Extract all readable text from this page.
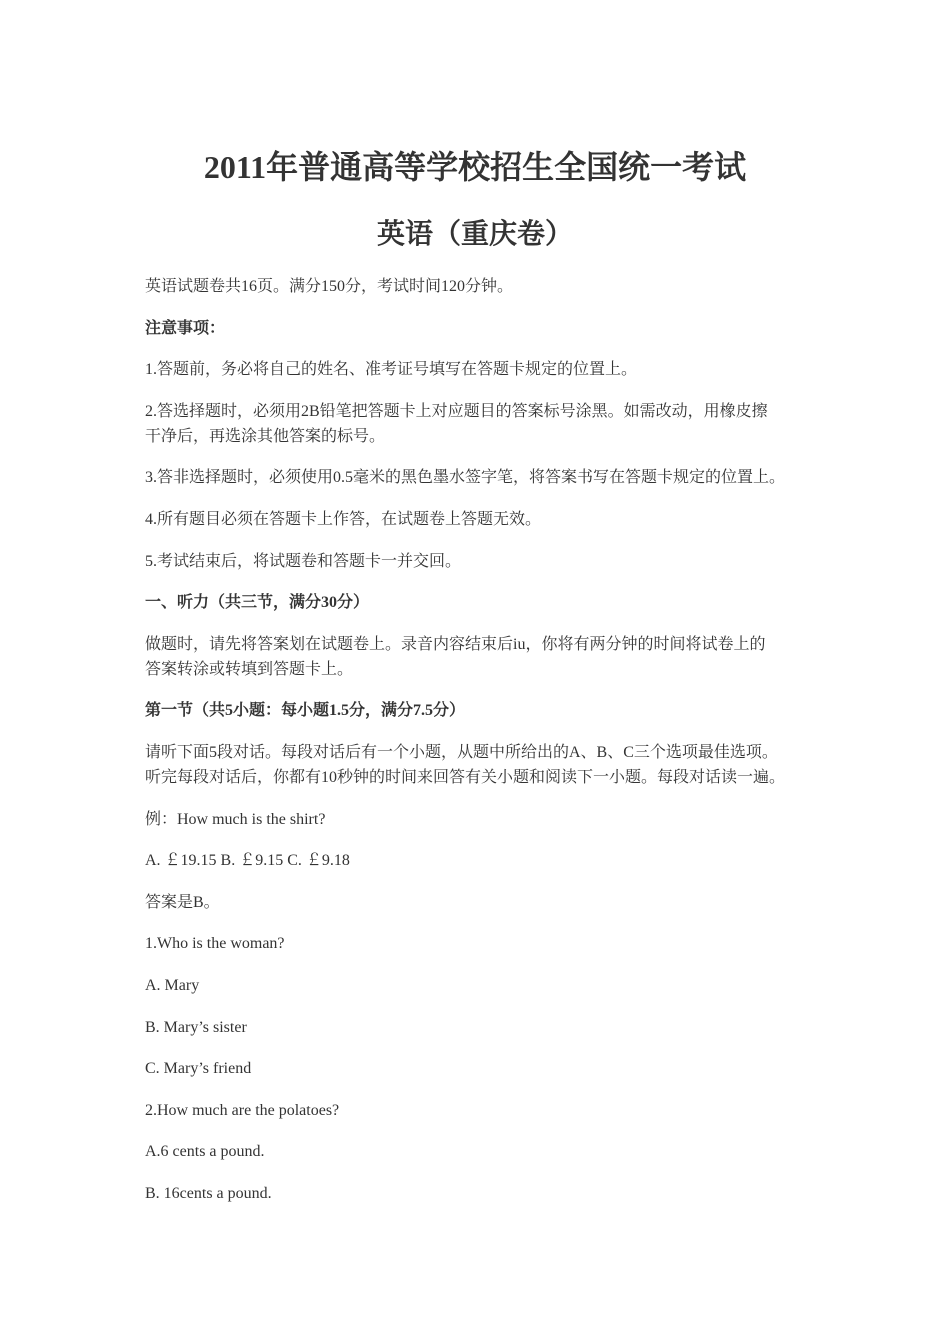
2011年普通高等学校招生全国统一考试
英语（重庆卷）

英语试题卷共16页。满分150分，考试时间120分钟。

注意事项：

1.答题前，务必将自己的姓名、准考证号填写在答题卡规定的位置上。

2.答选择题时，必须用2B铅笔把答题卡上对应题目的答案标号涂黑。如需改动，用橡皮擦
干净后，再选涂其他答案的标号。

3.答非选择题时，必须使用0.5毫米的黑色墨水签字笔，将答案书写在答题卡规定的位置上。

4.所有题目必须在答题卡上作答，在试题卷上答题无效。

5.考试结束后，将试题卷和答题卡一并交回。

一、听力（共三节，满分30分）

做题时，请先将答案划在试题卷上。录音内容结束后iu，你将有两分钟的时间将试卷上的
答案转涂或转填到答题卡上。

第一节（共5小题：每小题1.5分，满分7.5分）

请听下面5段对话。每段对话后有一个小题，从题中所给出的A、B、C三个选项最佳选项。
听完每段对话后，你都有10秒钟的时间来回答有关小题和阅读下一小题。每段对话读一遍。

例：How much is the shirt?

A. ￡19.15 B. ￡9.15 C. ￡9.18

答案是B。

1.Who is the woman?

A. Mary

B. Mary’s sister

C. Mary’s friend

2.How much are the polatoes?

A.6 cents a pound.

B. 16cents a pound.
